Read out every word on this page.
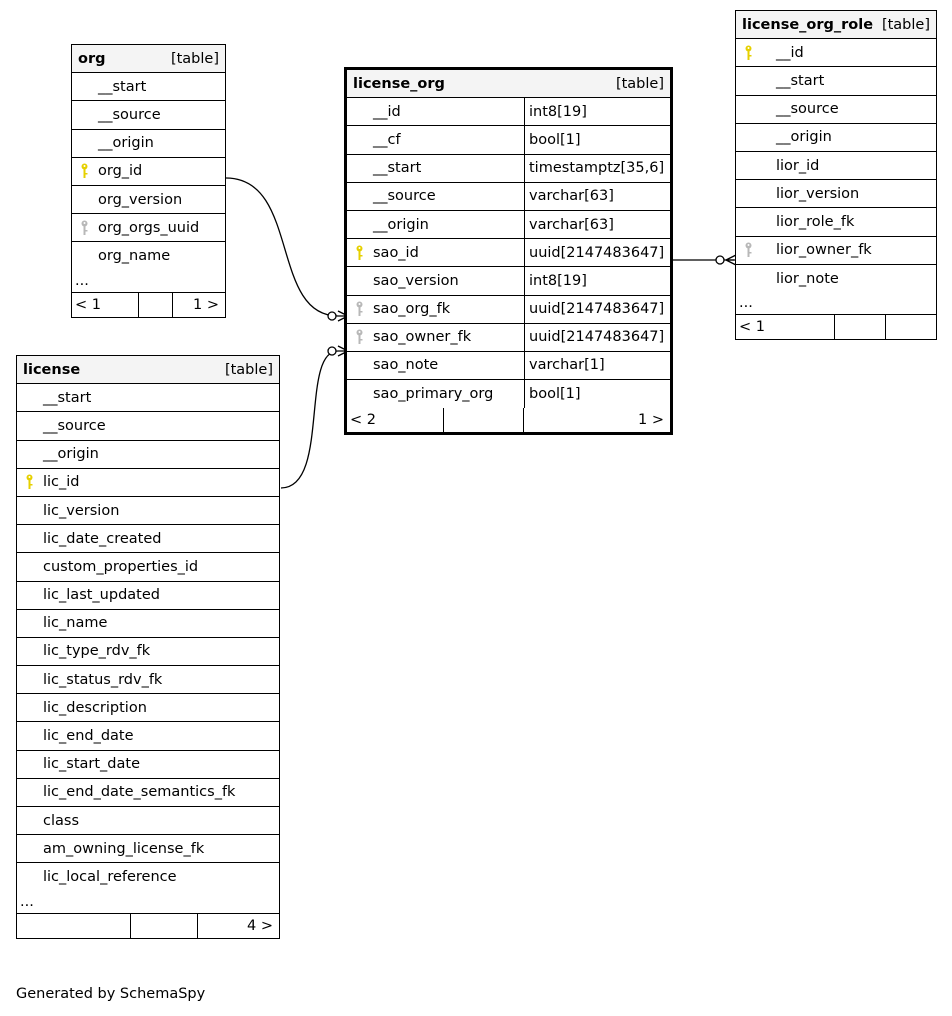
org	[table]
__start
__source
__origin
org_id
org_version
org_orgs_uuid
org_name
...
< 1	1 >
license	[table]
__start
__source
__origin
lic_id
lic_version
lic_date_created
custom_properties_id
lic_last_updated
lic_name
lic_type_rdv_fk
lic_status_rdv_fk
lic_description
lic_end_date
lic_start_date
lic_end_date_semantics_fk
class
am_owning_license_fk
lic_local_reference
...
4 >
license_org	[table]
__id	int8[19]
__cf	bool[1]
__start	timestamptz[35,6]
__source	varchar[63]
__origin	varchar[63]
sao_id	uuid[2147483647]
sao_version	int8[19]
sao_org_fk	uuid[2147483647]
sao_owner_fk	uuid[2147483647]
sao_note	varchar[1]
sao_primary_org	bool[1]
< 2	1 >
license_org_role [table]
__id
__start
__source
__origin
lior_id
lior_version
lior_role_fk
lior_owner_fk
lior_note
...
< 1
Generated by SchemaSpy
